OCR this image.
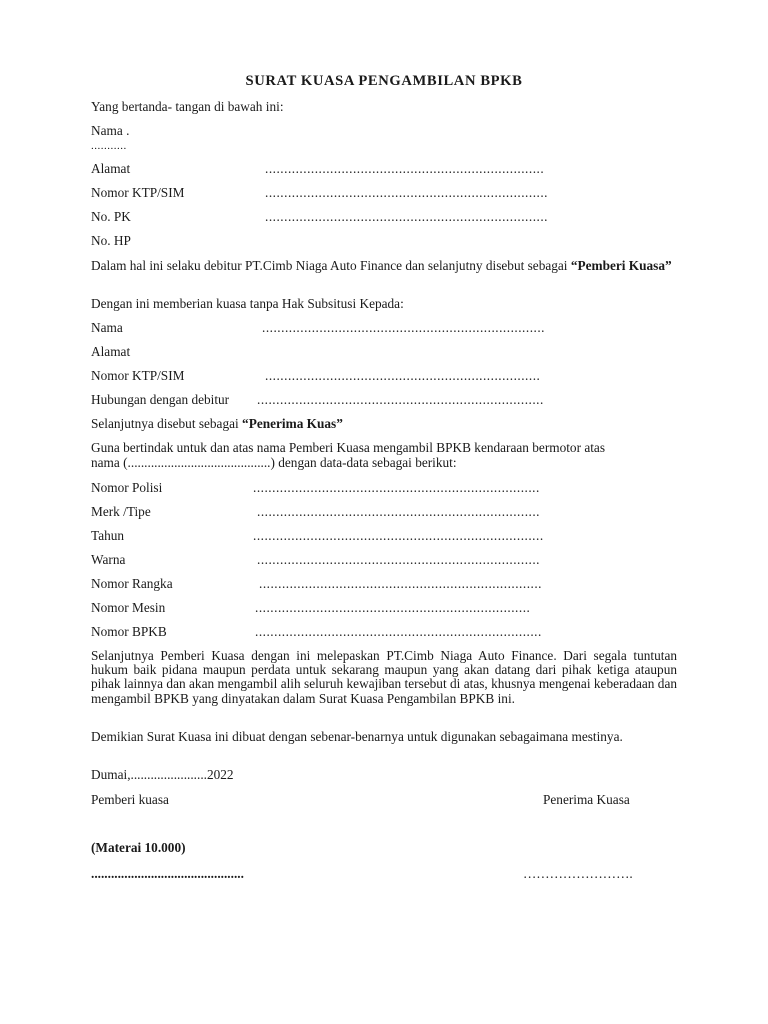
SURAT KUASA PENGAMBILAN BPKB
Yang bertanda- tangan di bawah ini:
Nama .
...........
Alamat	.........................................................................
Nomor KTP/SIM	..........................................................................
No. PK	..........................................................................
No. HP
Dalam hal ini selaku debitur PT.Cimb Niaga Auto Finance dan selanjutny disebut sebagai “Pemberi Kuasa”
Dengan ini memberian kuasa tanpa Hak Subsitusi Kepada:
Nama	..........................................................................
Alamat
Nomor KTP/SIM	........................................................................
Hubungan dengan debitur ...........................................................................
Selanjutnya disebut sebagai “Penerima Kuas”
Guna bertindak untuk dan atas nama Pemberi Kuasa mengambil BPKB kendaraan bermotor atas
nama (...........................................) dengan data-data sebagai berikut:
Nomor Polisi	...........................................................................
Merk /Tipe	..........................................................................
Tahun	............................................................................
Warna	..........................................................................
Nomor Rangka	..........................................................................
Nomor Mesin	........................................................................
Nomor BPKB	...........................................................................
Selanjutnya Pemberi Kuasa dengan ini melepaskan PT.Cimb Niaga Auto Finance. Dari segala tuntutan hukum baik pidana maupun perdata untuk sekarang maupun yang akan datang dari pihak ketiga ataupun pihak lainnya dan akan mengambil alih seluruh kewajiban tersebut di atas, khusnya mengenai keberadaan dan mengambil BPKB yang dinyatakan dalam Surat Kuasa Pengambilan BPKB ini.
Demikian Surat Kuasa ini dibuat dengan sebenar-benarnya untuk digunakan sebagaimana mestinya.
Dumai,.......................2022
Pemberi kuasa	Penerima Kuasa
(Materai 10.000)
..............................................	…………………….
